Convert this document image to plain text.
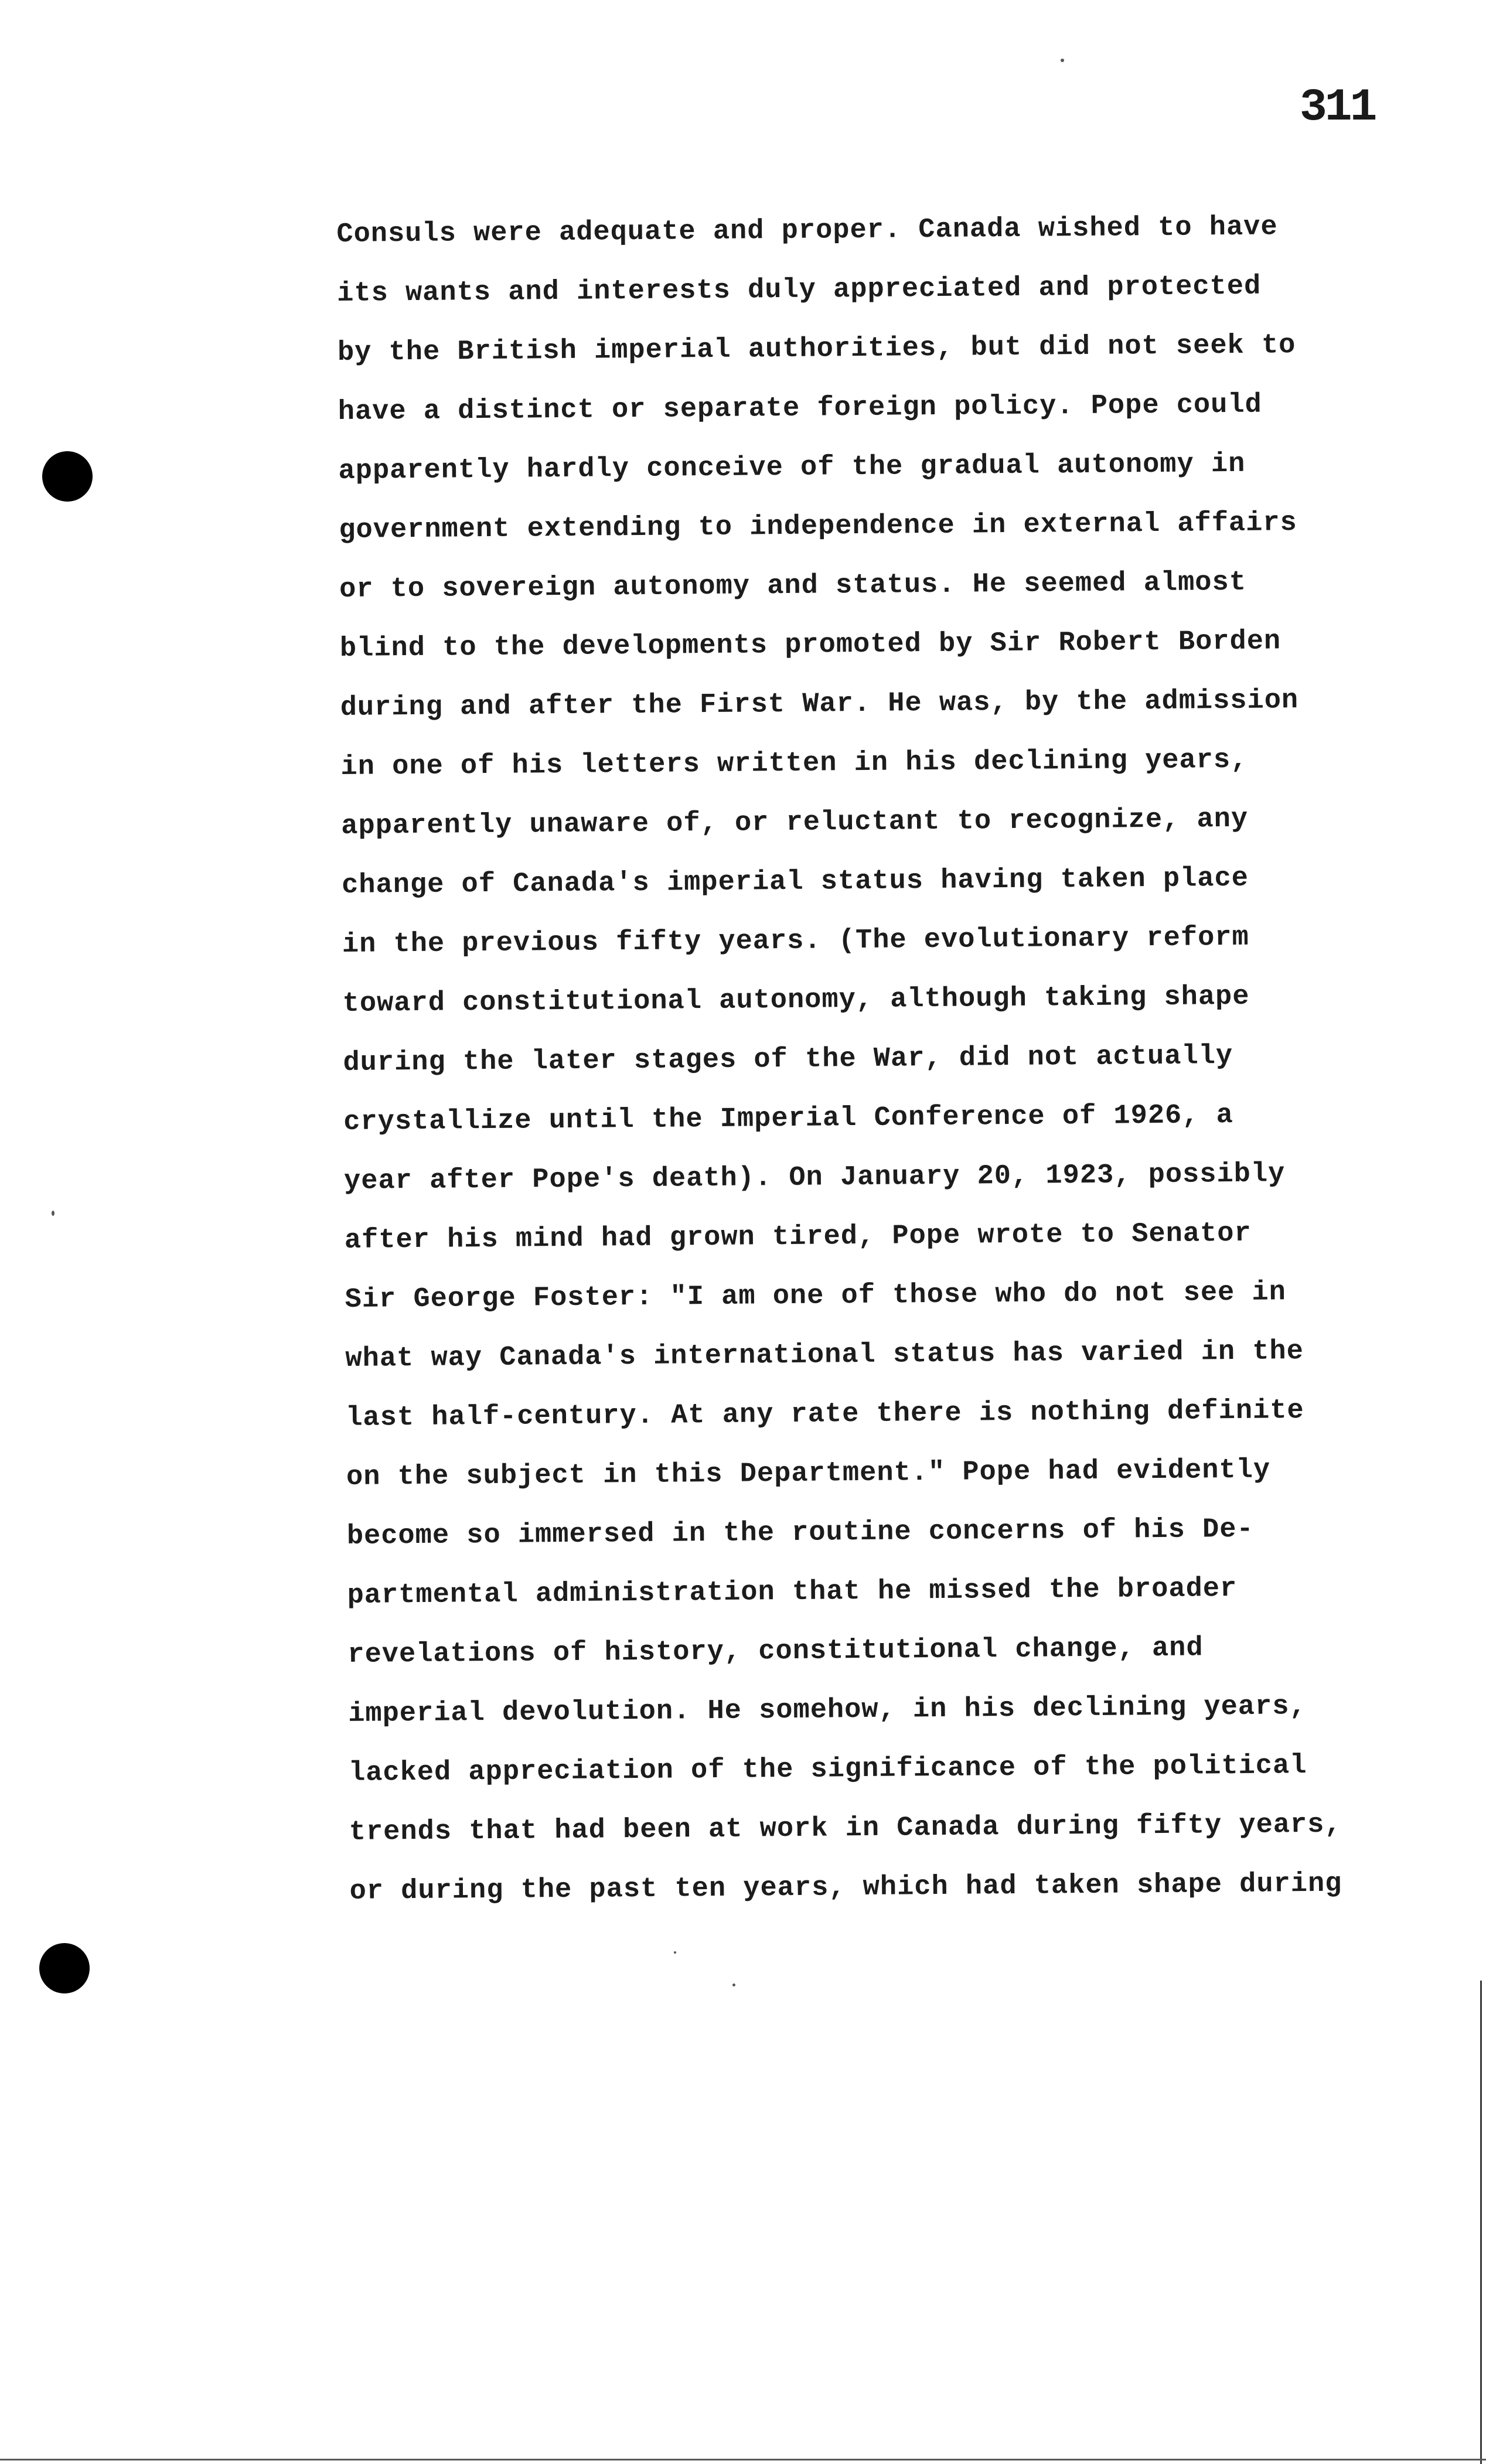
311
Consuls were adequate and proper. Canada wished to have
its wants and interests duly appreciated and protected
by the British imperial authorities, but did not seek to
have a distinct or separate foreign policy. Pope could
apparently hardly conceive of the gradual autonomy in
government extending to independence in external affairs
or to sovereign autonomy and status. He seemed almost
blind to the developments promoted by Sir Robert Borden
during and after the First War. He was, by the admission
in one of his letters written in his declining years,
apparently unaware of, or reluctant to recognize, any
change of Canada's imperial status having taken place
in the previous fifty years. (The evolutionary reform
toward constitutional autonomy, although taking shape
during the later stages of the War, did not actually
crystallize until the Imperial Conference of 1926, a
year after Pope's death). On January 20, 1923, possibly
after his mind had grown tired, Pope wrote to Senator
Sir George Foster: "I am one of those who do not see in
what way Canada's international status has varied in the
last half-century. At any rate there is nothing definite
on the subject in this Department." Pope had evidently
become so immersed in the routine concerns of his De-
partmental administration that he missed the broader
revelations of history, constitutional change, and
imperial devolution. He somehow, in his declining years,
lacked appreciation of the significance of the political
trends that had been at work in Canada during fifty years,
or during the past ten years, which had taken shape during
